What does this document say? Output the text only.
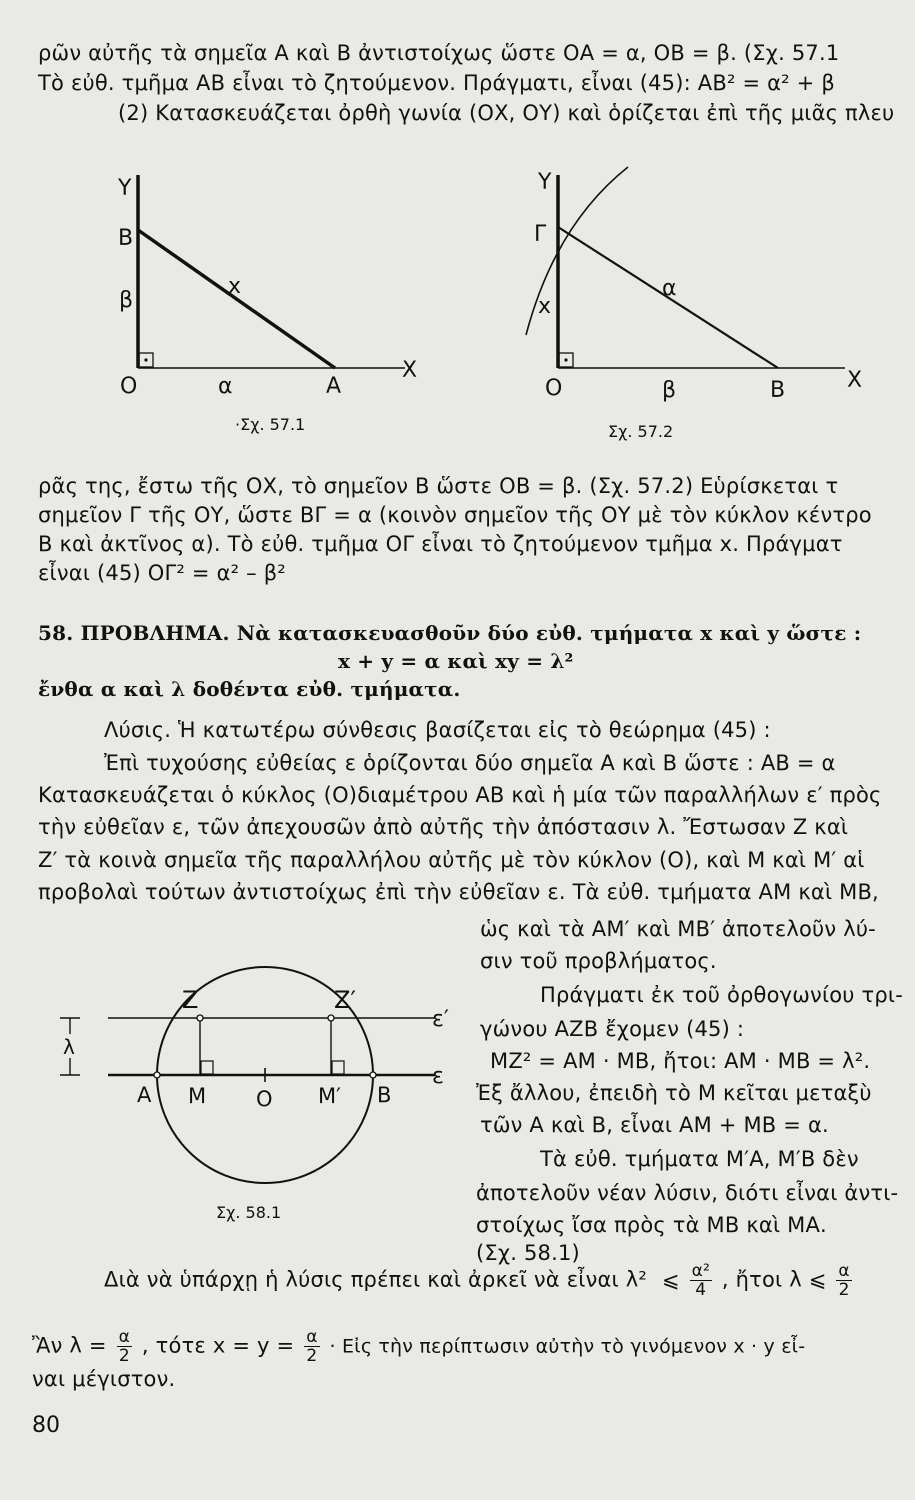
ρῶν αὐτῆς τὰ σημεῖα Α καὶ Β ἀντιστοίχως ὥστε ΟΑ = α, ΟΒ = β. (Σχ. 57.1
Τὸ εὐθ. τμῆμα ΑΒ εἶναι τὸ ζητούμενον. Πράγματι, εἶναι (45): ΑΒ² = α² + β
(2) Κατασκευάζεται ὀρθὴ γωνία (ΟΧ, ΟΥ) καὶ ὁρίζεται ἐπὶ τῆς μιᾶς πλευ
Υ
Β
x
β
Ο	α	Α
Χ
·Σχ. 57.1
Υ
Γ
x
α
Ο	β	Β	Χ
Σχ. 57.2
ρᾶς της, ἔστω τῆς ΟΧ, τὸ σημεῖον Β ὥστε ΟΒ = β. (Σχ. 57.2) Εὑρίσκεται τ
σημεῖον Γ τῆς ΟΥ, ὥστε ΒΓ = α (κοινὸν σημεῖον τῆς ΟΥ μὲ τὸν κύκλον κέντρο
Β καὶ ἀκτῖνος α). Τὸ εὐθ. τμῆμα ΟΓ εἶναι τὸ ζητούμενον τμῆμα x. Πράγματ
εἶναι (45) ΟΓ² = α² – β²
58. ΠΡΟΒΛΗΜΑ. Νὰ κατασκευασθοῦν δύο εὐθ. τμήματα x καὶ y ὥστε :
x + y = α καὶ xy = λ²
ἔνθα α καὶ λ δοθέντα εὐθ. τμήματα.
Λύσις. Ἡ κατωτέρω σύνθεσις βασίζεται εἰς τὸ θεώρημα (45) :
Ἐπὶ τυχούσης εὐθείας ε ὁρίζονται δύο σημεῖα Α καὶ Β ὥστε : ΑΒ = α
Κατασκευάζεται ὁ κύκλος (Ο)διαμέτρου ΑΒ καὶ ἡ μία τῶν παραλλήλων ε′ πρὸς
τὴν εὐθεῖαν ε, τῶν ἀπεχουσῶν ἀπὸ αὐτῆς τὴν ἀπόστασιν λ. Ἔστωσαν Ζ καὶ
Ζ′ τὰ κοινὰ σημεῖα τῆς παραλλήλου αὐτῆς μὲ τὸν κύκλον (Ο), καὶ Μ καὶ Μ′ αἱ
προβολαὶ τούτων ἀντιστοίχως ἐπὶ τὴν εὐθεῖαν ε. Τὰ εὐθ. τμήματα ΑΜ καὶ ΜΒ,
ὡς καὶ τὰ ΑΜ′ καὶ ΜΒ′ ἀποτελοῦν λύ-
σιν τοῦ προβλήματος.
Πράγματι ἐκ τοῦ ὀρθογωνίου τρι-
γώνου ΑΖΒ ἔχομεν (45) :
ΜΖ² = ΑΜ · ΜΒ, ἤτοι: ΑΜ · ΜΒ = λ².
Ἐξ ἄλλου, ἐπειδὴ τὸ Μ κεῖται μεταξὺ
τῶν Α καὶ Β, εἶναι ΑΜ + ΜΒ = α.
Τὰ εὐθ. τμήματα Μ′Α, Μ′Β δὲν
ἀποτελοῦν νέαν λύσιν, διότι εἶναι ἀντι-
στοίχως ἴσα πρὸς τὰ ΜΒ καὶ ΜΑ.
(Σχ. 58.1)
λ
Ζ	Ζ′
ε′
ε
Α Μ Ο Μ′ Β
Σχ. 58.1
Διὰ νὰ ὑπάρχῃ ἡ λύσις πρέπει καὶ ἀρκεῖ νὰ εἶναι λ² ⩽ $\frac{\text{α²}}{4}$ , ἤτοι λ ⩽ $\frac{\alpha}{2}$
Ἂν $\lambda = \frac{\alpha}{2}$ , τότε $x = y = \frac{\alpha}{2}$ · Εἰς τὴν περίπτωσιν αὐτὴν τὸ γινόμενον x · y εἶ-
ναι μέγιστον.
80
